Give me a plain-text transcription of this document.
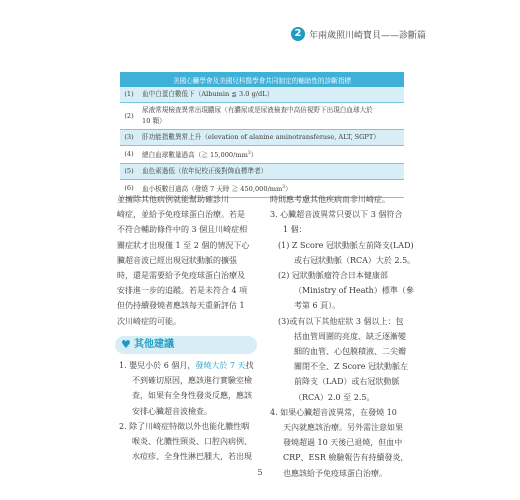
2 年兩歲照川崎寶貝——診斷篇
美國心臟學會及美國兒科醫學會共同制定的輔助性的診斷指標	
(1)	血中白蛋白數低下（Albumin ≦ 3.0 g/dL）
(2)	尿液常規檢查異常出現膿尿（有膿尿或是尿液檢查中高倍視野下出現白血球大於
10 顆）
(3)	肝功能指數異常上升（elevation of alanine aminotransferase, ALT, SGPT）
(4)	總白血球數量過高（≧ $15,000/mm^3$）
(5)	血色素過低（依年紀校正後對飾血標準者）
(6)	血小板數目過高（發燒 7 天時 ≧ $450,000/mm^3$）
並擁除其他病例就能幫助確診川
崎症，並給予免疫球蛋白治療。若是
不符合輔助條件中的 3 個且川崎症相
關症狀才出現僅 1 至 2 個的情況下心
臟超音波已經出現冠狀動脈的擴張
時，還是需要給予免疫球蛋白治療及
安排進一步的追蹤。若是未符合 4 項
但仍持續發燒者應該每天重新評估 1
次川崎症的可能。
時則應考慮其他疾病而非川崎症。
3. 心臟超音波異常只要以下 3 個符合
1 個：
(1) Z Score 冠狀動脈左前降支(LAD)
或右冠狀動脈（RCA）大於 2.5。
(2) 冠狀動脈瘤符合日本健康部
（Ministry of Heath）標準（參
考第 6 頁）。
(3)或有以下其他症狀 3 個以上：包
括血管周圍的亮度、缺乏逐漸變
細的血管、心包膜積液、二尖瓣
關閉不全、Z Score 冠狀動脈左
前降支（LAD）或右冠狀動脈
（RCA）2.0 至 2.5。
4. 如果心臟超音波異常，在發燒 10
天內就應該治療。另外需注意如果
發燒超過 10 天後已退燒，但血中
CRP、ESR 檢驗報告有持續發炎，
也應該給予免疫球蛋白治療。
♥ 其他建議
1. 嬰兒小於 6 個月，發燒大於 7 天找
不到確切原因，應該進行實驗室檢
查，如果有全身性發炎反應，應該
安排心臟超音波檢查。
2. 除了川崎症特徵以外也能化膿性咽
喉炎、化膿性頸炎、口腔內病例、
水痘疹、全身性淋巴腫大，若出現
5
